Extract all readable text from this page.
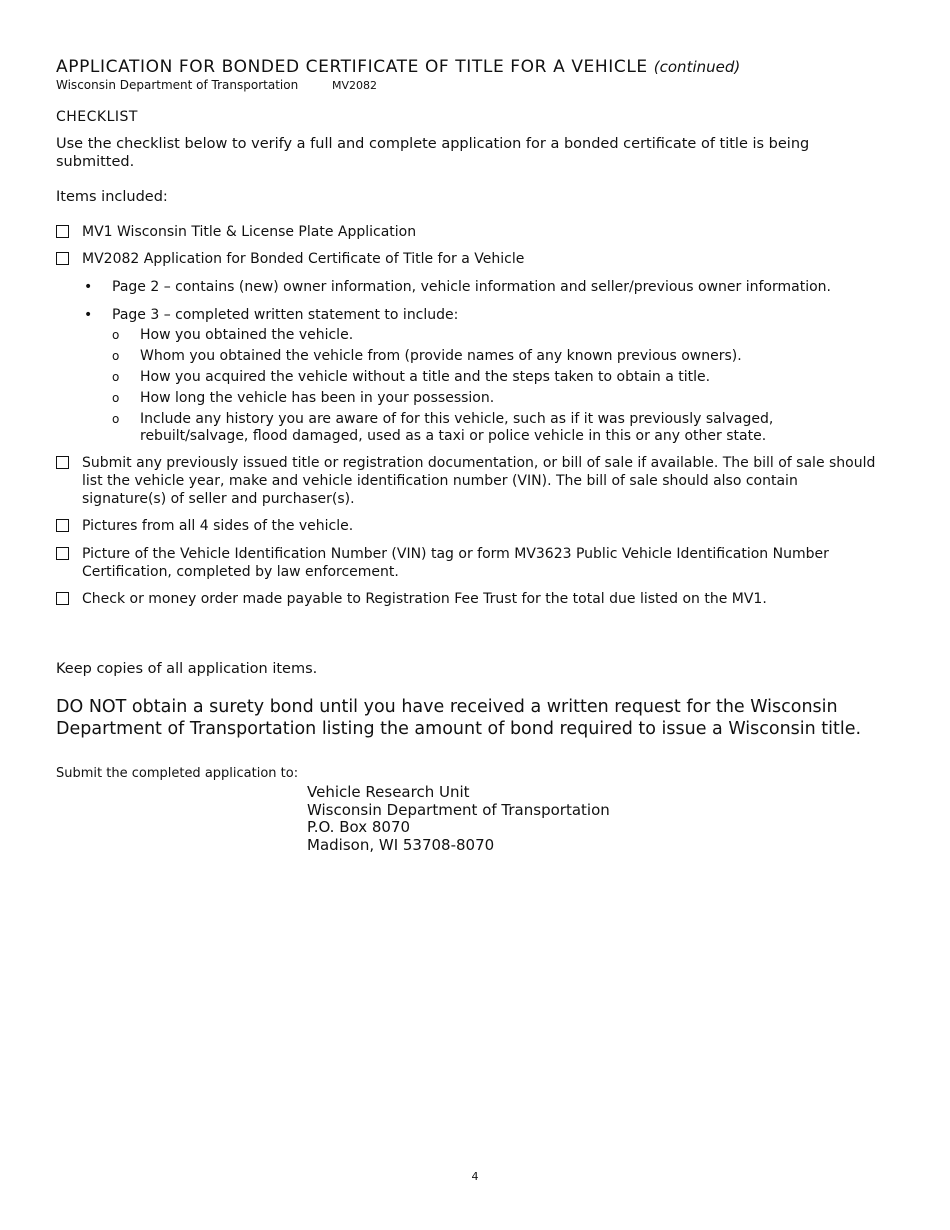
APPLICATION FOR BONDED CERTIFICATE OF TITLE FOR A VEHICLE (continued)
Wisconsin Department of Transportation	MV2082
CHECKLIST
Use the checklist below to verify a full and complete application for a bonded certificate of title is being submitted.
Items included:
MV1 Wisconsin Title & License Plate Application
MV2082 Application for Bonded Certificate of Title for a Vehicle
•	Page 2 – contains (new) owner information, vehicle information and seller/previous owner information.
•	Page 3 – completed written statement to include:
o	How you obtained the vehicle.
o	Whom you obtained the vehicle from (provide names of any known previous owners).
o	How you acquired the vehicle without a title and the steps taken to obtain a title.
o	How long the vehicle has been in your possession.
o	Include any history you are aware of for this vehicle, such as if it was previously salvaged, rebuilt/salvage, flood damaged, used as a taxi or police vehicle in this or any other state.
Submit any previously issued title or registration documentation, or bill of sale if available. The bill of sale should list the vehicle year, make and vehicle identification number (VIN). The bill of sale should also contain signature(s) of seller and purchaser(s).
Pictures from all 4 sides of the vehicle.
Picture of the Vehicle Identification Number (VIN) tag or form MV3623 Public Vehicle Identification Number Certification, completed by law enforcement.
Check or money order made payable to Registration Fee Trust for the total due listed on the MV1.
Keep copies of all application items.
DO NOT obtain a surety bond until you have received a written request for the Wisconsin Department of Transportation listing the amount of bond required to issue a Wisconsin title.
Submit the completed application to:
Vehicle Research Unit
Wisconsin Department of Transportation
P.O. Box 8070
Madison, WI 53708-8070
4
